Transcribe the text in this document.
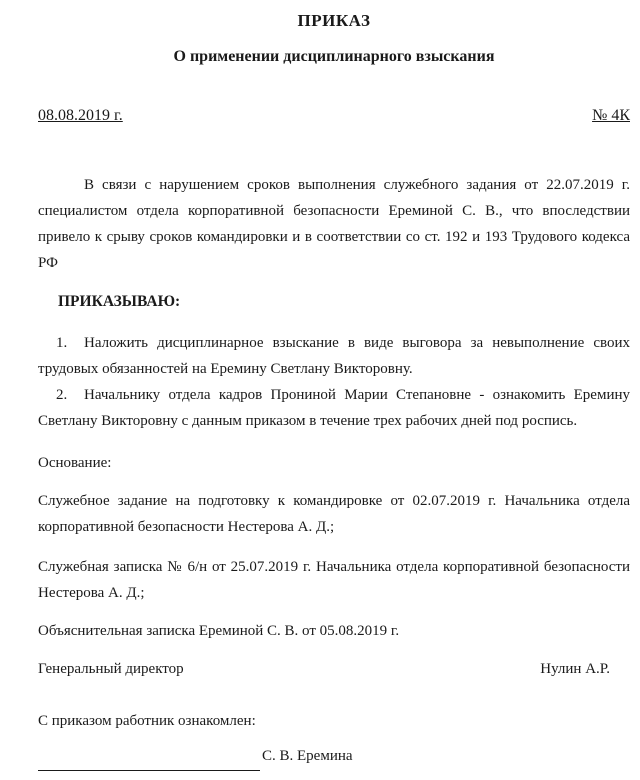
ПРИКАЗ
О применении дисциплинарного взыскания
08.08.2019 г.	№ 4К

В связи с нарушением сроков выполнения служебного задания от 22.07.2019 г. специалистом отдела корпоративной безопасности Ереминой С. В., что впоследствии привело к срыву сроков командировки и в соответствии со ст. 192 и 193 Трудового кодекса РФ

ПРИКАЗЫВАЮ:

1. Наложить дисциплинарное взыскание в виде выговора за невыполнение своих трудовых обязанностей на Еремину Светлану Викторовну.

2. Начальнику отдела кадров Прониной Марии Степановне - ознакомить Еремину Светлану Викторовну с данным приказом в течение трех рабочих дней под роспись.

Основание:

Служебное задание на подготовку к командировке от 02.07.2019 г. Начальника отдела корпоративной безопасности Нестерова А. Д.;

Служебная записка № 6/н от 25.07.2019 г. Начальника отдела корпоративной безопасности Нестерова А. Д.;

Объяснительная записка Ереминой С. В. от 05.08.2019 г.

Генеральный директор	Нулин А.Р.
С приказом работник ознакомлен:
С. В. Еремина
